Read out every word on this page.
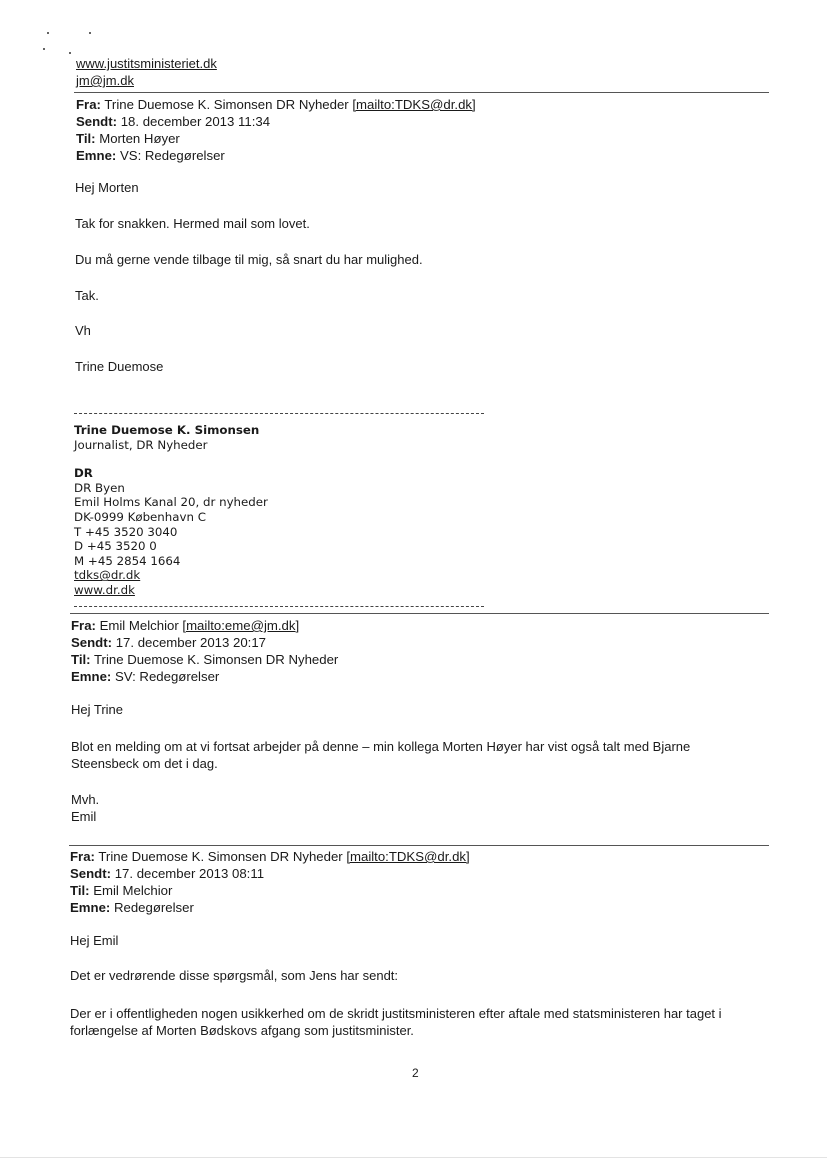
www.justitsministeriet.dk
jm@jm.dk
Fra: Trine Duemose K. Simonsen DR Nyheder [mailto:TDKS@dr.dk]
Sendt: 18. december 2013 11:34
Til: Morten Høyer
Emne: VS: Redegørelser
Hej Morten
Tak for snakken. Hermed mail som lovet.
Du må gerne vende tilbage til mig, så snart du har mulighed.
Tak.
Vh
Trine Duemose
Trine Duemose K. Simonsen
Journalist, DR Nyheder
DR
DR Byen
Emil Holms Kanal 20, dr nyheder
DK-0999 København C
T +45 3520 3040
D +45 3520 0
M +45 2854 1664
tdks@dr.dk
www.dr.dk
Fra: Emil Melchior [mailto:eme@jm.dk]
Sendt: 17. december 2013 20:17
Til: Trine Duemose K. Simonsen DR Nyheder
Emne: SV: Redegørelser
Hej Trine
Blot en melding om at vi fortsat arbejder på denne – min kollega Morten Høyer har vist også talt med Bjarne
Steensbeck om det i dag.
Mvh.
Emil
Fra: Trine Duemose K. Simonsen DR Nyheder [mailto:TDKS@dr.dk]
Sendt: 17. december 2013 08:11
Til: Emil Melchior
Emne: Redegørelser
Hej Emil
Det er vedrørende disse spørgsmål, som Jens har sendt:
Der er i offentligheden nogen usikkerhed om de skridt justitsministeren efter aftale med statsministeren har taget i
forlængelse af Morten Bødskovs afgang som justitsminister.
2
